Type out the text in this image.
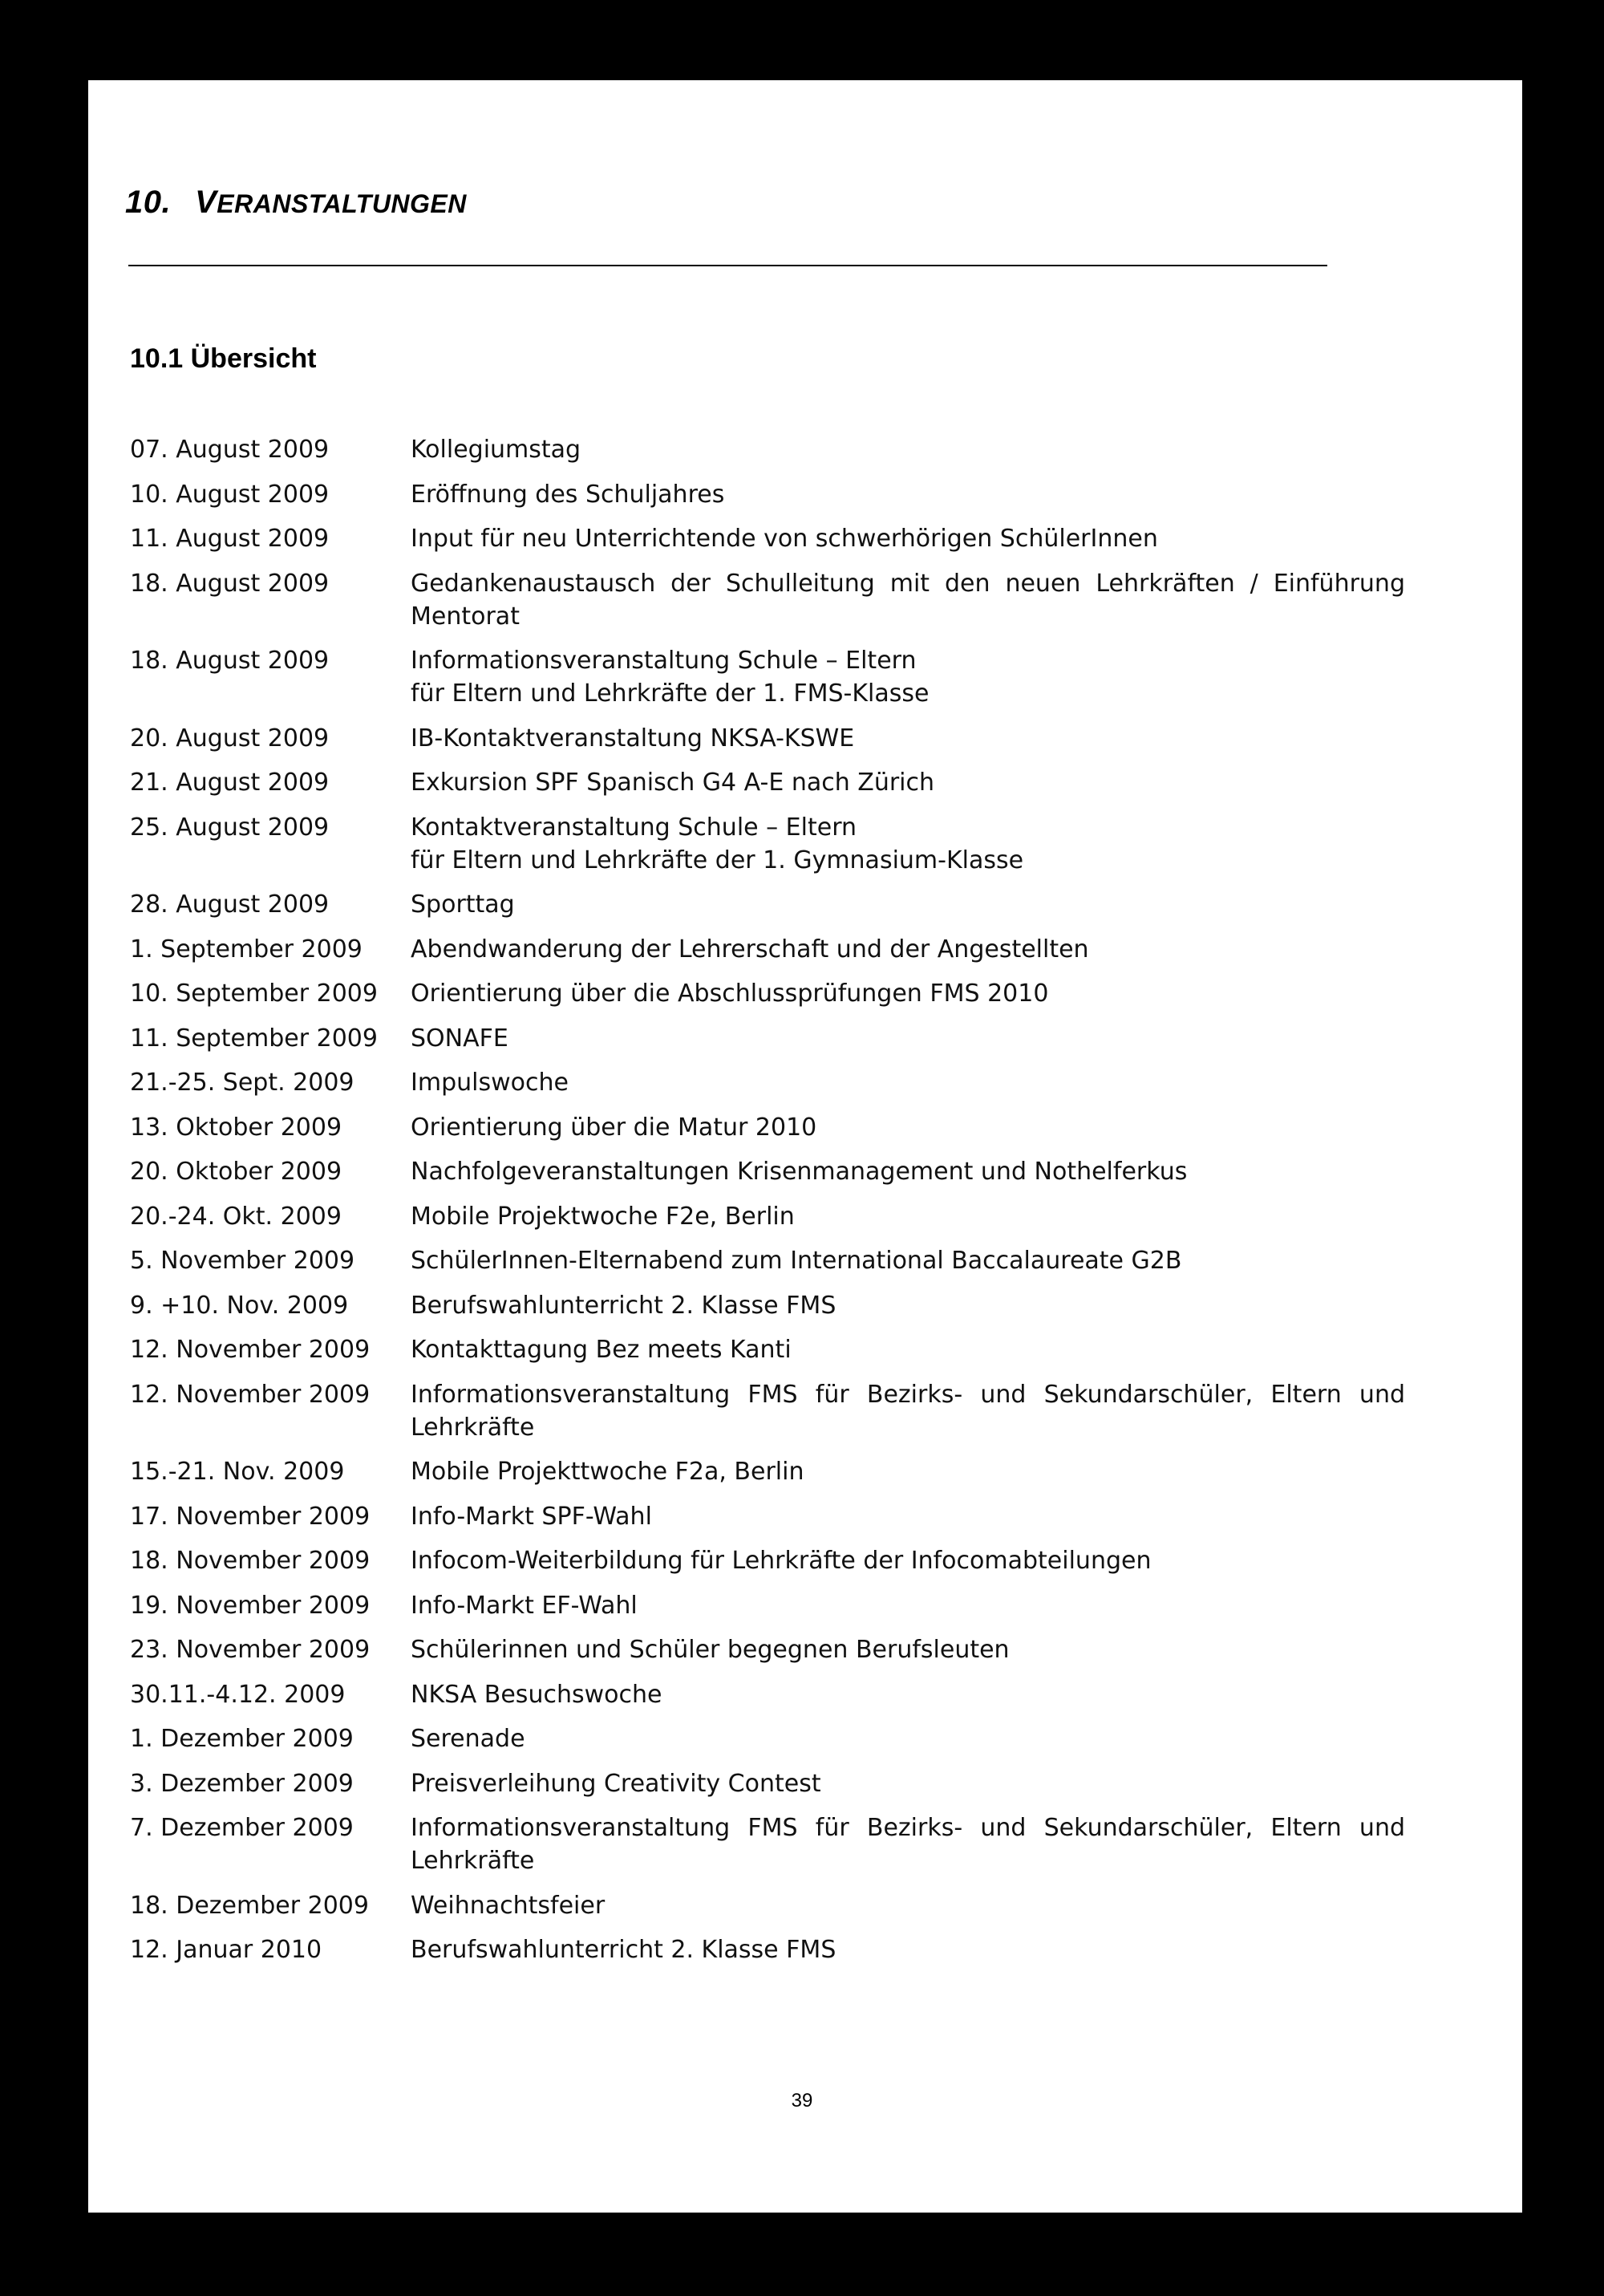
10. VERANSTALTUNGEN
10.1 Übersicht
07. August 2009	Kollegiumstag
10. August 2009	Eröffnung des Schuljahres
11. August 2009	Input für neu Unterrichtende von schwerhörigen SchülerInnen
18. August 2009	Gedankenaustausch der Schulleitung mit den neuen Lehrkräften / Einführung Mentorat
18. August 2009	Informationsveranstaltung Schule – Eltern
für Eltern und Lehrkräfte der 1. FMS-Klasse
20. August 2009	IB-Kontaktveranstaltung NKSA-KSWE
21. August 2009	Exkursion SPF Spanisch G4 A-E nach Zürich
25. August 2009	Kontaktveranstaltung Schule – Eltern
für Eltern und Lehrkräfte der 1. Gymnasium-Klasse
28. August 2009	Sporttag
1. September 2009	Abendwanderung der Lehrerschaft und der Angestellten
10. September 2009	Orientierung über die Abschlussprüfungen FMS 2010
11. September 2009	SONAFE
21.-25. Sept. 2009	Impulswoche
13. Oktober 2009	Orientierung über die Matur 2010
20. Oktober 2009	Nachfolgeveranstaltungen Krisenmanagement und Nothelferkus
20.-24. Okt. 2009	Mobile Projektwoche F2e, Berlin
5. November 2009	SchülerInnen-Elternabend zum International Baccalaureate G2B
9. +10. Nov. 2009	Berufswahlunterricht 2. Klasse FMS
12. November 2009	Kontakttagung Bez meets Kanti
12. November 2009	Informationsveranstaltung FMS für Bezirks- und Sekundarschüler, Eltern und Lehrkräfte
15.-21. Nov. 2009	Mobile Projekttwoche F2a, Berlin
17. November 2009	Info-Markt SPF-Wahl
18. November 2009	Infocom-Weiterbildung für Lehrkräfte der Infocomabteilungen
19. November 2009	Info-Markt EF-Wahl
23. November 2009	Schülerinnen und Schüler begegnen Berufsleuten
30.11.-4.12. 2009	NKSA Besuchswoche
1. Dezember 2009	Serenade
3. Dezember 2009	Preisverleihung Creativity Contest
7. Dezember 2009	Informationsveranstaltung FMS für Bezirks- und Sekundarschüler, Eltern und Lehrkräfte
18. Dezember 2009	Weihnachtsfeier
12. Januar 2010	Berufswahlunterricht 2. Klasse FMS

39
